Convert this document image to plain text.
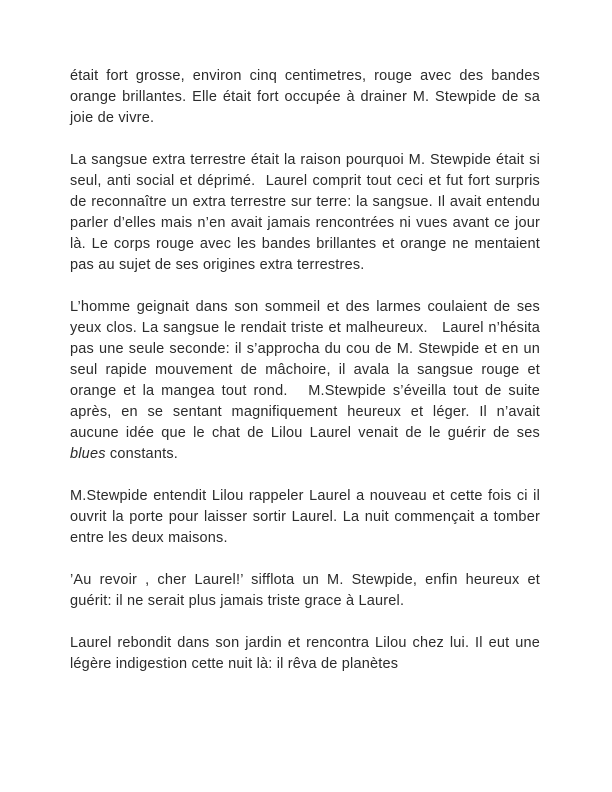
était fort grosse, environ cinq centimetres, rouge avec des bandes orange brillantes. Elle était fort occupée à drainer M. Stewpide de sa joie de vivre.

La sangsue extra terrestre était la raison pourquoi M. Stewpide était si seul, anti social et déprimé.  Laurel comprit tout ceci et fut fort surpris de reconnaître un extra terrestre sur terre: la sangsue. Il avait entendu parler d’elles mais n’en avait jamais rencontrées ni vues avant ce jour là. Le corps rouge avec les bandes brillantes et orange ne mentaient pas au sujet de ses origines extra terrestres.

L’homme geignait dans son sommeil et des larmes coulaient de ses yeux clos. La sangsue le rendait triste et malheureux.   Laurel n’hésita pas une seule seconde: il s’approcha du cou de M. Stewpide et en un seul rapide mouvement de mâchoire, il avala la sangsue rouge et orange et la mangea tout rond.   M.Stewpide s’éveilla tout de suite après, en se sentant magnifiquement heureux et léger. Il n’avait aucune idée que le chat de Lilou Laurel venait de le guérir de ses blues constants.

M.Stewpide entendit Lilou rappeler Laurel a nouveau et cette fois ci il ouvrit la porte pour laisser sortir Laurel. La nuit commençait a tomber entre les deux maisons.

’Au revoir , cher Laurel!’ sifflota un M. Stewpide, enfin heureux et guérit: il ne serait plus jamais triste grace à Laurel.

Laurel rebondit dans son jardin et rencontra Lilou chez lui. Il eut une légère indigestion cette nuit là: il rêva de planètes
